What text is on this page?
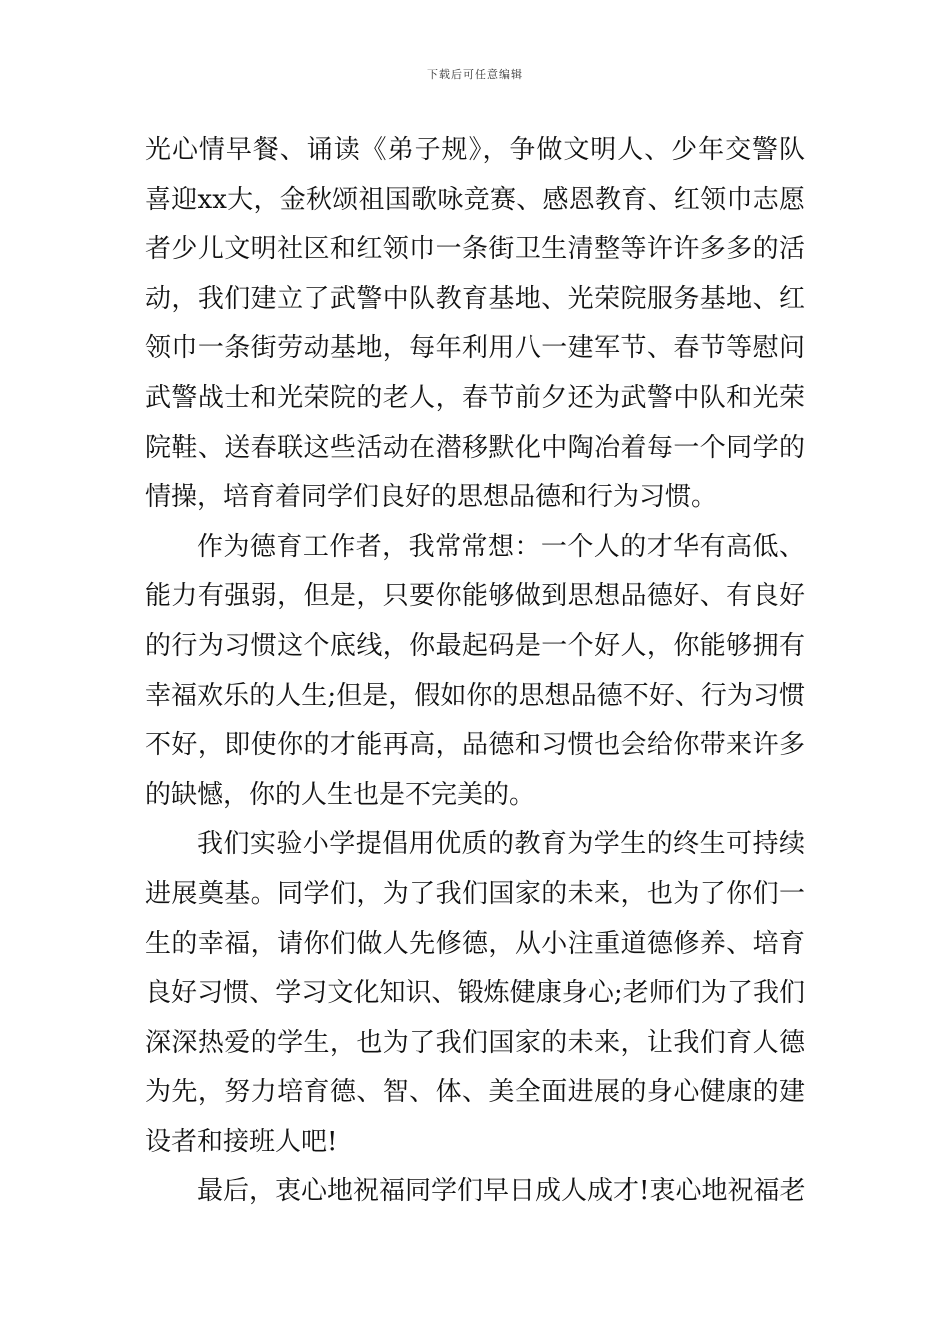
下载后可任意编辑
光心情早餐、诵读《弟子规》，争做文明人、少年交警队
喜迎xx大，金秋颂祖国歌咏竞赛、感恩教育、红领巾志愿
者少儿文明社区和红领巾一条街卫生清整等许许多多的活
动，我们建立了武警中队教育基地、光荣院服务基地、红
领巾一条街劳动基地，每年利用八一建军节、春节等慰问
武警战士和光荣院的老人，春节前夕还为武警中队和光荣
院鞋、送春联这些活动在潜移默化中陶冶着每一个同学的
情操，培育着同学们良好的思想品德和行为习惯。
作为德育工作者，我常常想：一个人的才华有高低、
能力有强弱，但是，只要你能够做到思想品德好、有良好
的行为习惯这个底线，你最起码是一个好人，你能够拥有
幸福欢乐的人生;但是，假如你的思想品德不好、行为习惯
不好，即使你的才能再高，品德和习惯也会给你带来许多
的缺憾，你的人生也是不完美的。
我们实验小学提倡用优质的教育为学生的终生可持续
进展奠基。同学们，为了我们国家的未来，也为了你们一
生的幸福，请你们做人先修德，从小注重道德修养、培育
良好习惯、学习文化知识、锻炼健康身心;老师们为了我们
深深热爱的学生，也为了我们国家的未来，让我们育人德
为先，努力培育德、智、体、美全面进展的身心健康的建
设者和接班人吧!
最后，衷心地祝福同学们早日成人成才!衷心地祝福老
